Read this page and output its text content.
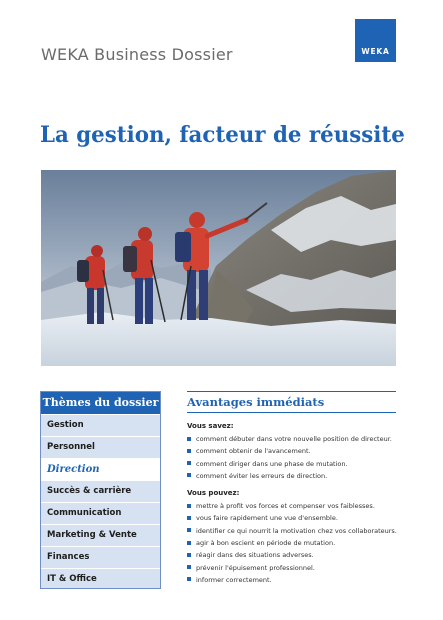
WEKA Business Dossier	WEKA
La gestion, facteur de réussite
Thèmes du dossier
Gestion
Personnel
Direction
Succès & carrière
Communication
Marketing & Vente
Finances
IT & Office
Avantages immédiats
Vous savez:
comment débuter dans votre nouvelle position de directeur.
comment obtenir de l'avancement.
comment diriger dans une phase de mutation.
comment éviter les erreurs de direction.
Vous pouvez:
mettre à profit vos forces et compenser vos faiblesses.
vous faire rapidement une vue d'ensemble.
identifier ce qui nourrit la motivation chez vos collaborateurs.
agir à bon escient en période de mutation.
réagir dans des situations adverses.
prévenir l'épuisement professionnel.
informer correctement.
